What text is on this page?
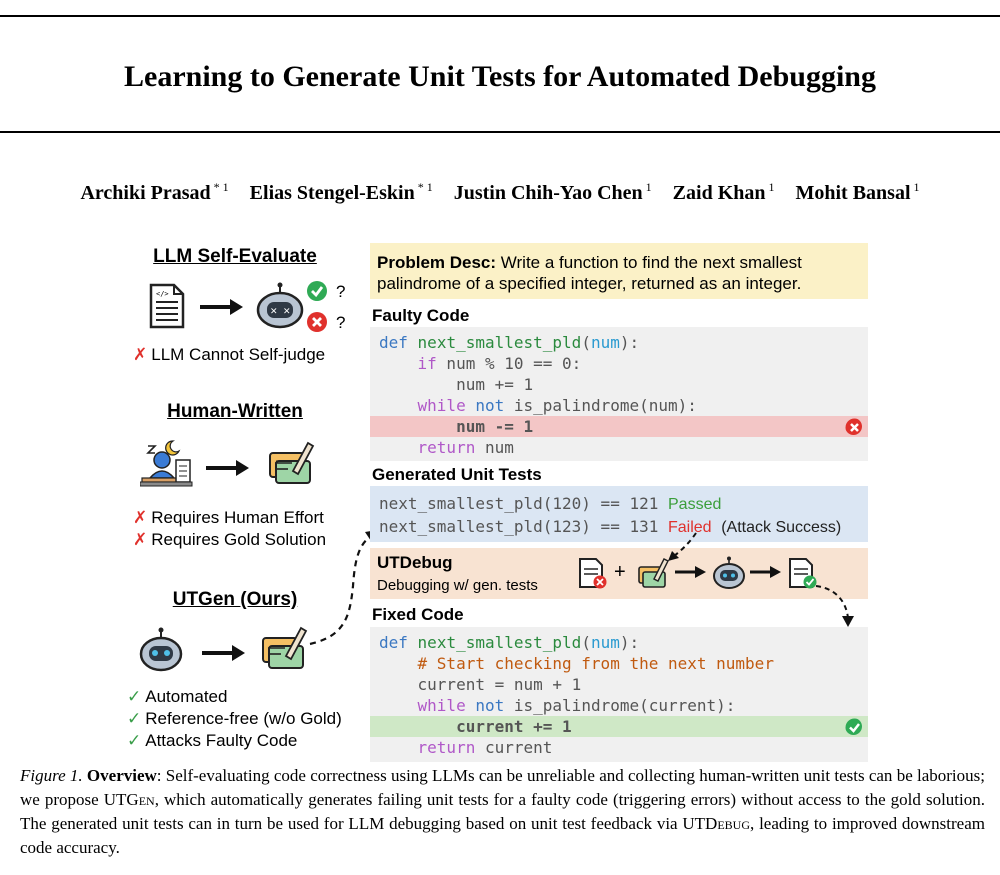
Learning to Generate Unit Tests for Automated Debugging
Archiki Prasad $^{* 1}$ Elias Stengel-Eskin $^{* 1}$ Justin Chih-Yao Chen $^1$ Zaid Khan $^1$ Mohit Bansal $^1$
LLM Self-Evaluate
</>
✕ ✕
?
?
✗ LLM Cannot Self-judge
Human-Written
✗ Requires Human Effort
✗ Requires Gold Solution
UTGen (Ours)
✓ Automated
✓ Reference-free (w/o Gold)
✓ Attacks Faulty Code
Problem Desc: Write a function to find the next smallest
palindrome of a specified integer, returned as an integer.
Faulty Code
def next_smallest_pld(num):
if num % 10 == 0:
num += 1
while not is_palindrome(num):
num -= 1

return num
Generated Unit Tests
next_smallest_pld(120) == 121 Passed
next_smallest_pld(123) == 131 Failed (Attack Success)
UTDebug
Debugging w/ gen. tests
+
Fixed Code
def next_smallest_pld(num):
# Start checking from the next number
current = num + 1
while not is_palindrome(current):
current += 1

return current
Figure 1. Overview: Self-evaluating code correctness using LLMs can be unreliable and collecting human-written unit tests can be laborious; we propose UTGen, which automatically generates failing unit tests for a faulty code (triggering errors) without access to the gold solution. The generated unit tests can in turn be used for LLM debugging based on unit test feedback via UTDebug, leading to improved downstream code accuracy.
